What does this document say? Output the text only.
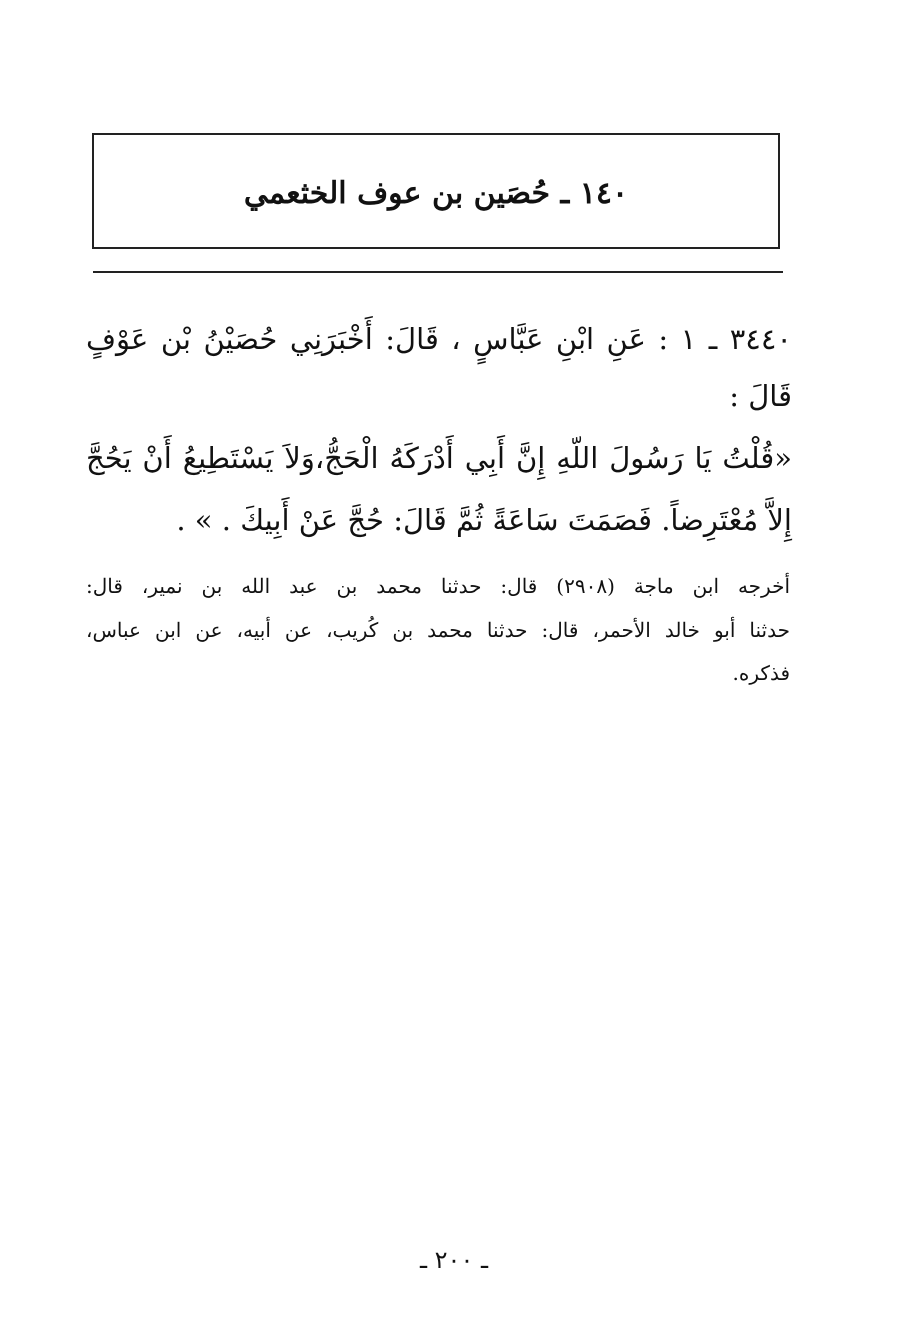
١٤٠ ـ حُصَين بن عوف الخثعمي
٣٤٤٠ ـ ١ : عَنِ ابْنِ عَبَّاسٍ ، قَالَ: أَخْبَرَنِي حُصَيْنُ بْن عَوْفٍ
قَالَ :
«قُلْتُ يَا رَسُولَ اللّهِ إِنَّ أَبِي أَدْرَكَهُ الْحَجُّ،وَلاَ يَسْتَطِيعُ أَنْ يَحُجَّ
إِلاَّ مُعْتَرِضاً. فَصَمَتَ سَاعَةً ثُمَّ قَالَ: حُجَّ عَنْ أَبِيكَ . » .
أخرجه ابن ماجة (٢٩٠٨) قال: حدثنا محمد بن عبد الله بن نمير، قال:
حدثنا أبو خالد الأحمر، قال: حدثنا محمد بن كُريب، عن أبيه، عن ابن عباس،
فذكره.
ـ ٢٠٠ ـ
